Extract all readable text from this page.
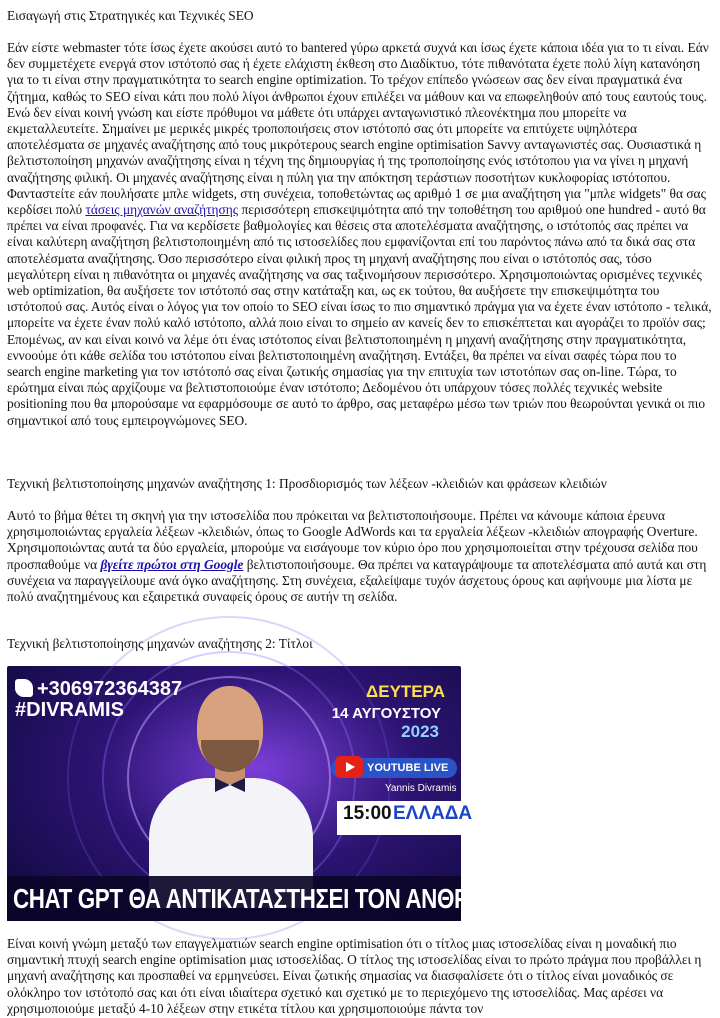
Εισαγωγή στις Στρατηγικές και Τεχνικές SEO

Εάν είστε webmaster τότε ίσως έχετε ακούσει αυτό το bantered γύρω αρκετά συχνά και ίσως έχετε κάποια ιδέα για το τι είναι. Εάν δεν συμμετέχετε ενεργά στον ιστότοπό σας ή έχετε ελάχιστη έκθεση στο Διαδίκτυο, τότε πιθανότατα έχετε πολύ λίγη κατανόηση για το τι είναι στην πραγματικότητα το search engine optimization. Το τρέχον επίπεδο γνώσεων σας δεν είναι πραγματικά ένα ζήτημα, καθώς το SEO είναι κάτι που πολύ λίγοι άνθρωποι έχουν επιλέξει να μάθουν και να επωφεληθούν από τους εαυτούς τους. Ενώ δεν είναι κοινή γνώση και είστε πρόθυμοι να μάθετε ότι υπάρχει ανταγωνιστικό πλεονέκτημα που μπορείτε να εκμεταλλευτείτε. Σημαίνει με μερικές μικρές τροποποιήσεις στον ιστότοπό σας ότι μπορείτε να επιτύχετε υψηλότερα αποτελέσματα σε μηχανές αναζήτησης από τους μικρότερους search engine optimisation Savvy ανταγωνιστές σας. Ουσιαστικά η βελτιστοποίηση μηχανών αναζήτησης είναι η τέχνη της δημιουργίας ή της τροποποίησης ενός ιστότοπου για να γίνει η μηχανή αναζήτησης φιλική. Οι μηχανές αναζήτησης είναι η πύλη για την απόκτηση τεράστιων ποσοτήτων κυκλοφορίας ιστότοπου. Φανταστείτε εάν πουλήσατε μπλε widgets, στη συνέχεια, τοποθετώντας ως αριθμό 1 σε μια αναζήτηση για "μπλε widgets" θα σας κερδίσει πολύ τάσεις μηχανών αναζήτησης περισσότερη επισκεψιμότητα από την τοποθέτηση του αριθμού one hundred - αυτό θα πρέπει να είναι προφανές. Για να κερδίσετε βαθμολογίες και θέσεις στα αποτελέσματα αναζήτησης, ο ιστότοπός σας πρέπει να είναι καλύτερη αναζήτηση βελτιστοποιημένη από τις ιστοσελίδες που εμφανίζονται επί του παρόντος πάνω από τα δικά σας στα αποτελέσματα αναζήτησης. Όσο περισσότερο είναι φιλική προς τη μηχανή αναζήτησης που είναι ο ιστότοπός σας, τόσο μεγαλύτερη είναι η πιθανότητα οι μηχανές αναζήτησης να σας ταξινομήσουν περισσότερο. Χρησιμοποιώντας ορισμένες τεχνικές web optimization, θα αυξήσετε τον ιστότοπό σας στην κατάταξη και, ως εκ τούτου, θα αυξήσετε την επισκεψιμότητα του ιστότοπού σας. Αυτός είναι ο λόγος για τον οποίο το SEO είναι ίσως το πιο σημαντικό πράγμα για να έχετε έναν ιστότοπο - τελικά, μπορείτε να έχετε έναν πολύ καλό ιστότοπο, αλλά ποιο είναι το σημείο αν κανείς δεν το επισκέπτεται και αγοράζει το προϊόν σας; Επομένως, αν και είναι κοινό να λέμε ότι ένας ιστότοπος είναι βελτιστοποιημένη η μηχανή αναζήτησης στην πραγματικότητα, εννοούμε ότι κάθε σελίδα του ιστότοπου είναι βελτιστοποιημένη αναζήτηση. Εντάξει, θα πρέπει να είναι σαφές τώρα που το search engine marketing για τον ιστότοπό σας είναι ζωτικής σημασίας για την επιτυχία των ιστοτόπων σας on-line. Τώρα, το ερώτημα είναι πώς αρχίζουμε να βελτιστοποιούμε έναν ιστότοπο; Δεδομένου ότι υπάρχουν τόσες πολλές τεχνικές website positioning που θα μπορούσαμε να εφαρμόσουμε σε αυτό το άρθρο, σας μεταφέρω μέσω των τριών που θεωρούνται γενικά οι πιο σημαντικοί από τους εμπειρογνώμονες SEO.

Τεχνική βελτιστοποίησης μηχανών αναζήτησης 1: Προσδιορισμός των λέξεων -κλειδιών και φράσεων κλειδιών

Αυτό το βήμα θέτει τη σκηνή για την ιστοσελίδα που πρόκειται να βελτιστοποιήσουμε. Πρέπει να κάνουμε κάποια έρευνα χρησιμοποιώντας εργαλεία λέξεων -κλειδιών, όπως το Google AdWords και τα εργαλεία λέξεων -κλειδιών απογραφής Overture. Χρησιμοποιώντας αυτά τα δύο εργαλεία, μπορούμε να εισάγουμε τον κύριο όρο που χρησιμοποιείται στην τρέχουσα σελίδα που προσπαθούμε να βγείτε πρώτοι στη Google βελτιστοποιήσουμε. Θα πρέπει να καταγράψουμε τα αποτελέσματα από αυτά και στη συνέχεια να παραγγείλουμε ανά όγκο αναζήτησης. Στη συνέχεια, εξαλείψαμε τυχόν άσχετους όρους και αφήνουμε μια λίστα με πολύ αναζητημένους και εξαιρετικά συναφείς όρους σε αυτήν τη σελίδα.

Τεχνική βελτιστοποίησης μηχανών αναζήτησης 2: Τίτλοι

+306972364387
#DIVRAMIS
ΔΕΥΤΕΡΑ
14 ΑΥΓΟΥΣΤΟΥ
2023
YOUTUBE LIVE
Yannis Divramis
15:00 ΕΛΛΑΔΑ
CHAT GPT ΘΑ ΑΝΤΙΚΑΤΑΣΤΗΣΕΙ ΤΟΝ ΑΝΘΡΩΠΟ;

Είναι κοινή γνώμη μεταξύ των επαγγελματιών search engine optimisation ότι ο τίτλος μιας ιστοσελίδας είναι η μοναδική πιο σημαντική πτυχή search engine optimisation μιας ιστοσελίδας. Ο τίτλος της ιστοσελίδας είναι το πρώτο πράγμα που προβάλλει η μηχανή αναζήτησης και προσπαθεί να ερμηνεύσει. Είναι ζωτικής σημασίας να διασφαλίσετε ότι ο τίτλος είναι μοναδικός σε ολόκληρο τον ιστότοπό σας και ότι είναι ιδιαίτερα σχετικό και σχετικό με το περιεχόμενο της ιστοσελίδας. Μας αρέσει να χρησιμοποιούμε μεταξύ 4-10 λέξεων στην ετικέτα τίτλου και χρησιμοποιούμε πάντα τον
